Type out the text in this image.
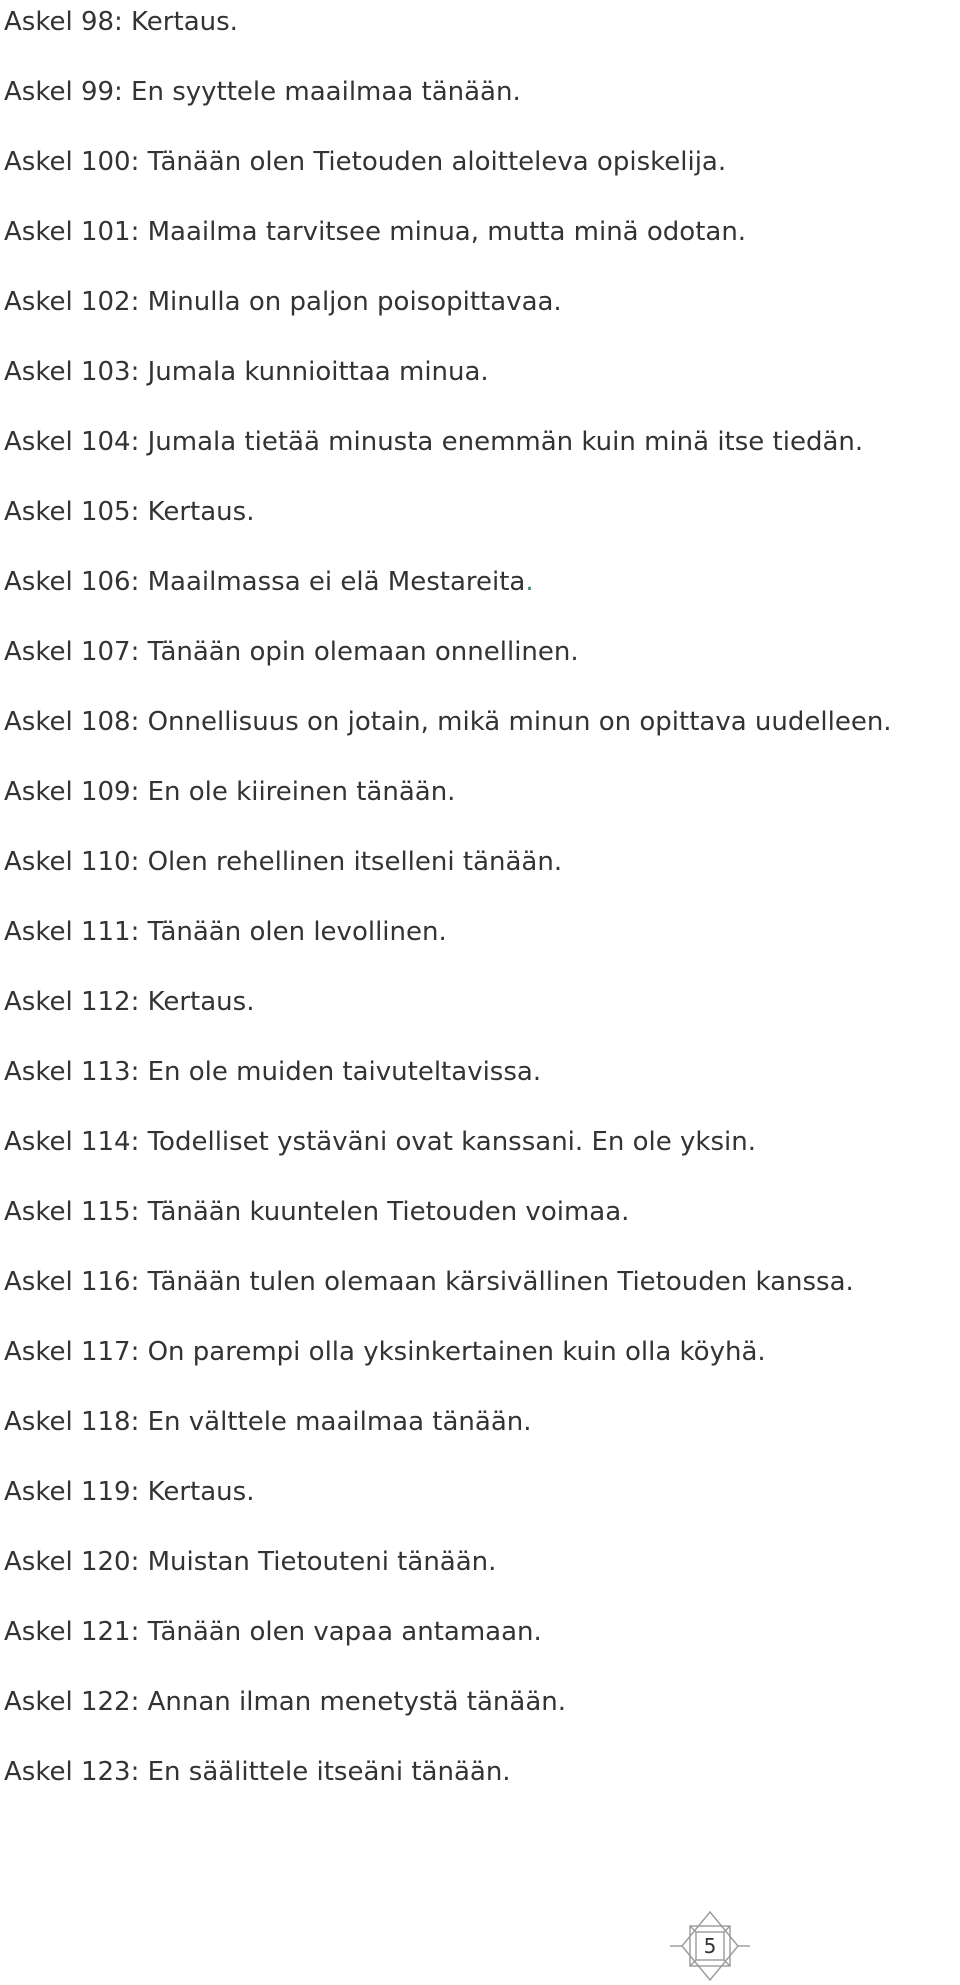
Askel 98: Kertaus.
Askel 99: En syyttele maailmaa tänään.
Askel 100: Tänään olen Tietouden aloitteleva opiskelija.
Askel 101: Maailma tarvitsee minua, mutta minä odotan.
Askel 102: Minulla on paljon poisopittavaa.
Askel 103: Jumala kunnioittaa minua.
Askel 104: Jumala tietää minusta enemmän kuin minä itse tiedän.
Askel 105: Kertaus.
Askel 106: Maailmassa ei elä Mestareita.
Askel 107: Tänään opin olemaan onnellinen.
Askel 108: Onnellisuus on jotain, mikä minun on opittava uudelleen.
Askel 109: En ole kiireinen tänään.
Askel 110: Olen rehellinen itselleni tänään.
Askel 111: Tänään olen levollinen.
Askel 112: Kertaus.
Askel 113: En ole muiden taivuteltavissa.
Askel 114: Todelliset ystäväni ovat kanssani. En ole yksin.
Askel 115: Tänään kuuntelen Tietouden voimaa.
Askel 116: Tänään tulen olemaan kärsivällinen Tietouden kanssa.
Askel 117: On parempi olla yksinkertainen kuin olla köyhä.
Askel 118: En välttele maailmaa tänään.
Askel 119: Kertaus.
Askel 120: Muistan Tietouteni tänään.
Askel 121: Tänään olen vapaa antamaan.
Askel 122: Annan ilman menetystä tänään.
Askel 123: En säälittele itseäni tänään.
5
